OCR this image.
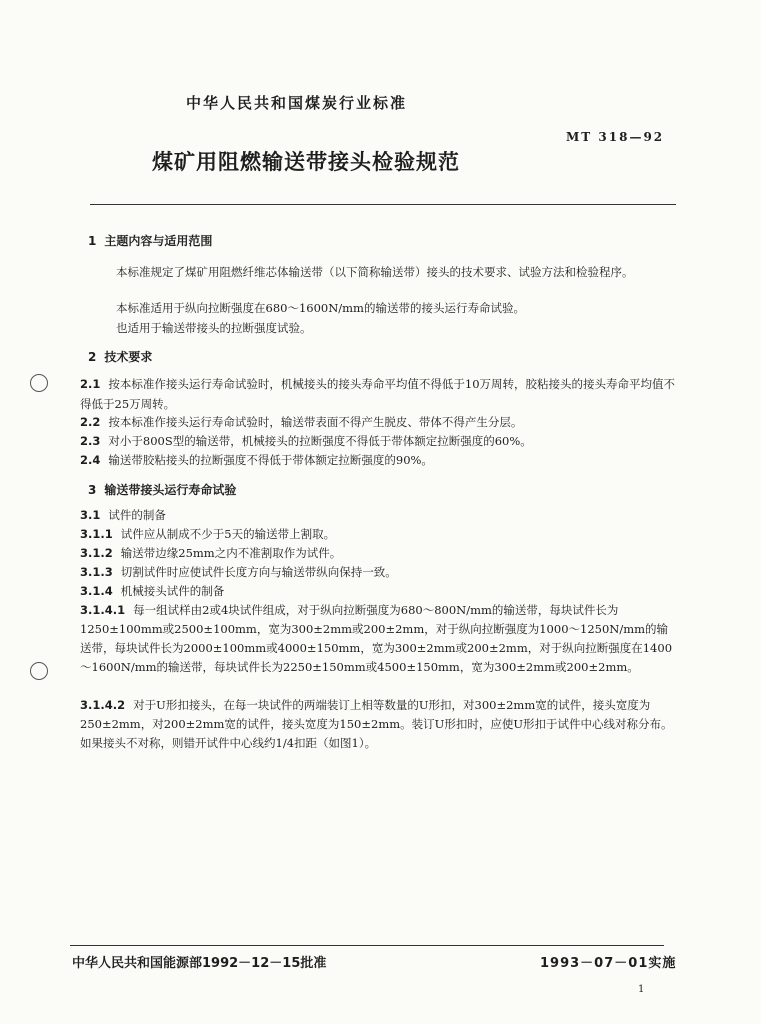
中华人民共和国煤炭行业标准
MT 318—92
煤矿用阻燃输送带接头检验规范
1 主题内容与适用范围
本标准规定了煤矿用阻燃纤维芯体输送带（以下简称输送带）接头的技术要求、试验方法和检验程序。
本标准适用于纵向拉断强度在680～1600N/mm的输送带的接头运行寿命试验。
也适用于输送带接头的拉断强度试验。
2 技术要求
2.1 按本标准作接头运行寿命试验时，机械接头的接头寿命平均值不得低于10万周转，胶粘接头的接头寿命平均值不得低于25万周转。
2.2 按本标准作接头运行寿命试验时，输送带表面不得产生脱皮、带体不得产生分层。
2.3 对小于800S型的输送带，机械接头的拉断强度不得低于带体额定拉断强度的60%。
2.4 输送带胶粘接头的拉断强度不得低于带体额定拉断强度的90%。
3 输送带接头运行寿命试验
3.1 试件的制备
3.1.1 试件应从制成不少于5天的输送带上割取。
3.1.2 输送带边缘25mm之内不准割取作为试件。
3.1.3 切割试件时应使试件长度方向与输送带纵向保持一致。
3.1.4 机械接头试件的制备
3.1.4.1 每一组试样由2或4块试件组成，对于纵向拉断强度为680～800N/mm的输送带，每块试件长为1250±100mm或2500±100mm，宽为300±2mm或200±2mm，对于纵向拉断强度为1000～1250N/mm的输送带，每块试件长为2000±100mm或4000±150mm，宽为300±2mm或200±2mm，对于纵向拉断强度在1400～1600N/mm的输送带，每块试件长为2250±150mm或4500±150mm，宽为300±2mm或200±2mm。
3.1.4.2 对于U形扣接头，在每一块试件的两端装订上相等数量的U形扣，对300±2mm宽的试件，接头宽度为250±2mm，对200±2mm宽的试件，接头宽度为150±2mm。装订U形扣时，应使U形扣于试件中心线对称分布。如果接头不对称，则错开试件中心线约1/4扣距（如图1）。
中华人民共和国能源部1992－12－15批准	1993－07－01实施
1
